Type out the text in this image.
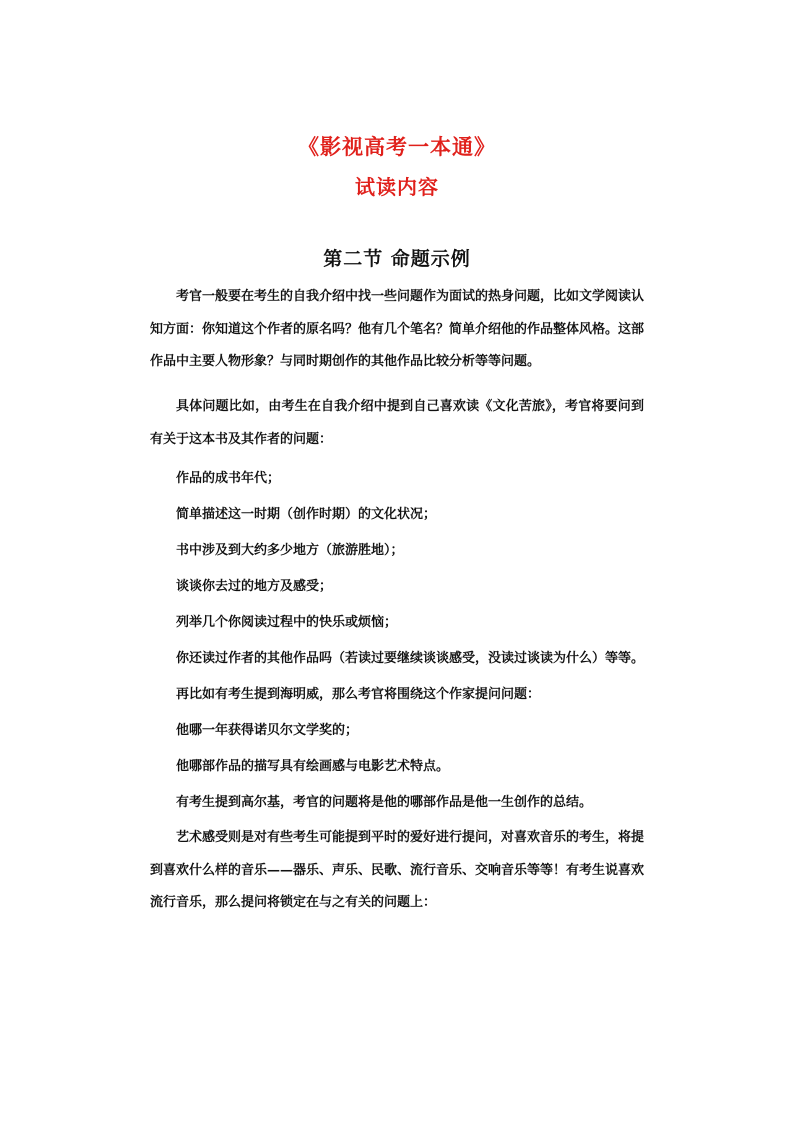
《影视高考一本通》
试读内容
第二节 命题示例

考官一般要在考生的自我介绍中找一些问题作为面试的热身问题，比如文学阅读认知方面：你知道这个作者的原名吗？他有几个笔名？简单介绍他的作品整体风格。这部作品中主要人物形象？与同时期创作的其他作品比较分析等等问题。

具体问题比如，由考生在自我介绍中提到自己喜欢读《文化苦旅》，考官将要问到有关于这本书及其作者的问题：

作品的成书年代；

简单描述这一时期（创作时期）的文化状况；

书中涉及到大约多少地方（旅游胜地）；

谈谈你去过的地方及感受；

列举几个你阅读过程中的快乐或烦恼；

你还读过作者的其他作品吗（若读过要继续谈谈感受，没读过谈读为什么）等等。

再比如有考生提到海明威，那么考官将围绕这个作家提问问题：

他哪一年获得诺贝尔文学奖的；

他哪部作品的描写具有绘画感与电影艺术特点。

有考生提到高尔基，考官的问题将是他的哪部作品是他一生创作的总结。

艺术感受则是对有些考生可能提到平时的爱好进行提问，对喜欢音乐的考生，将提到喜欢什么样的音乐——器乐、声乐、民歌、流行音乐、交响音乐等等！有考生说喜欢流行音乐，那么提问将锁定在与之有关的问题上：
